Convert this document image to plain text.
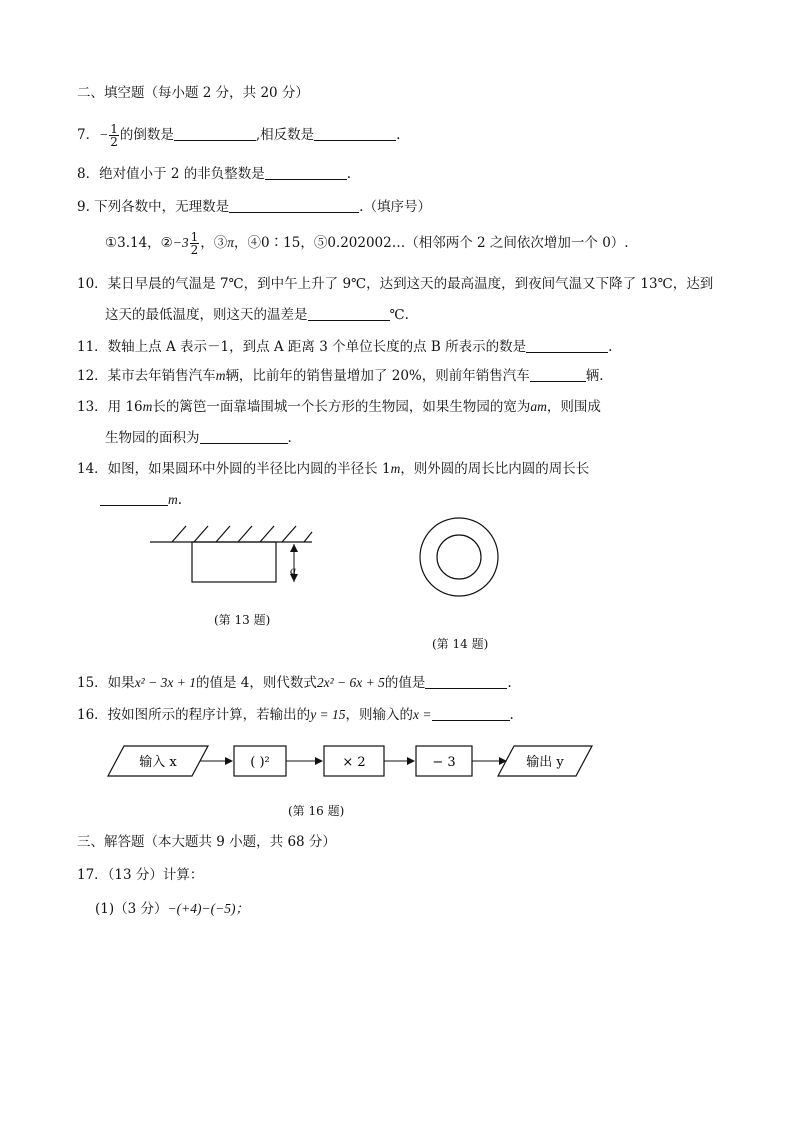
二、填空题（每小题 2 分，共 20 分）
7．− $\frac{1}{2}$ 的倒数是	,相反数是	.
8．绝对值小于 2 的非负整数是	.
9. 下列各数中，无理数是	.（填序号）
①3.14，②−3 $\frac{1}{2}$ ，③π，④0∶15，⑤0.202002…（相邻两个 2 之间依次增加一个 0）.
10．某日早晨的气温是 7℃，到中午上升了 9℃，达到这天的最高温度，到夜间气温又下降了 13℃，达到
这天的最低温度，则这天的温差是	℃.
11．数轴上点 A 表示－1，到点 A 距离 3 个单位长度的点 B 所表示的数是	.
12．某市去年销售汽车m辆，比前年的销售量增加了 20%，则前年销售汽车	辆.
13．用 16m长的篱笆一面靠墙围城一个长方形的生物园，如果生物园的宽为am，则围成
生物园的面积为	.
14．如图，如果圆环中外圆的半径比内圆的半径长 1m，则外圆的周长比内圆的周长长
m.
a
(第 13 题)
(第 14 题)
15．如果x² − 3x + 1的值是 4，则代数式2x² − 6x + 5的值是	.
16．按如图所示的程序计算，若输出的y = 15，则输入的x =	.
输入 x	( )²	× 2	− 3	输出 y
(第 16 题)
三、解答题（本大题共 9 小题，共 68 分）
17．（13 分）计算：
(1)（3 分）−(+4)−(−5)；
